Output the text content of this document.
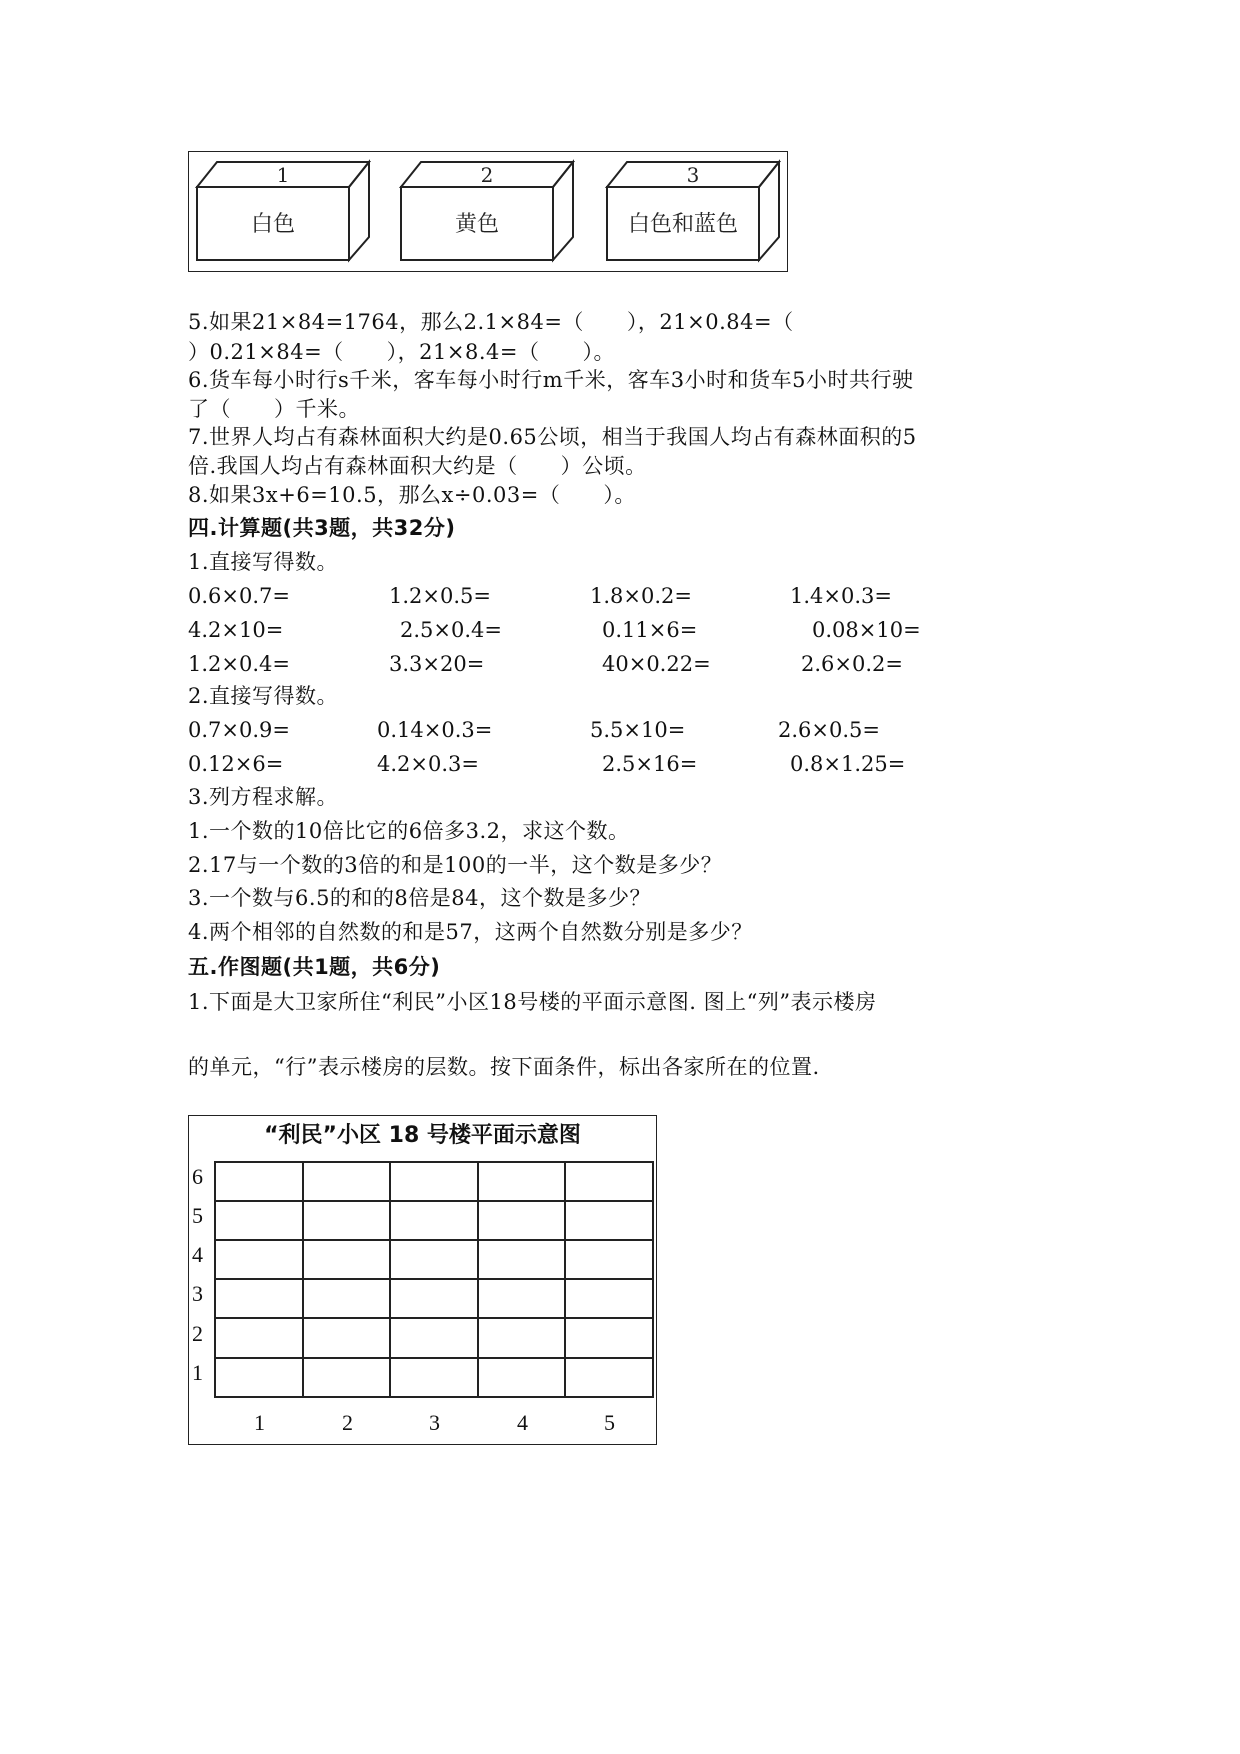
1	2	3
白色	黄色	白色和蓝色
5.如果21×84=1764，那么2.1×84=（　　），21×0.84=（
）0.21×84=（　　），21×8.4=（　　）。
6.货车每小时行s千米，客车每小时行m千米，客车3小时和货车5小时共行驶
了（　　）千米。
7.世界人均占有森林面积大约是0.65公顷，相当于我国人均占有森林面积的5
倍.我国人均占有森林面积大约是（　　）公顷。
8.如果3x+6=10.5，那么x÷0.03=（　　）。
四.计算题(共3题，共32分)
1.直接写得数。
0.6×0.7=	1.2×0.5=	1.8×0.2=	1.4×0.3=
4.2×10=	2.5×0.4=	0.11×6=	0.08×10=
1.2×0.4=	3.3×20=	40×0.22=	2.6×0.2=
2.直接写得数。
0.7×0.9=	0.14×0.3=	5.5×10=	2.6×0.5=
0.12×6=	4.2×0.3=	2.5×16=	0.8×1.25=
3.列方程求解。
1.一个数的10倍比它的6倍多3.2，求这个数。
2.17与一个数的3倍的和是100的一半，这个数是多少？
3.一个数与6.5的和的8倍是84，这个数是多少？
4.两个相邻的自然数的和是57，这两个自然数分别是多少？
五.作图题(共1题，共6分)
1.下面是大卫家所住“利民”小区18号楼的平面示意图. 图上“列”表示楼房
的单元，“行”表示楼房的层数。按下面条件，标出各家所在的位置.
“利民”小区 18 号楼平面示意图
6
5
4
3
2
1
1	2	3	4	5
